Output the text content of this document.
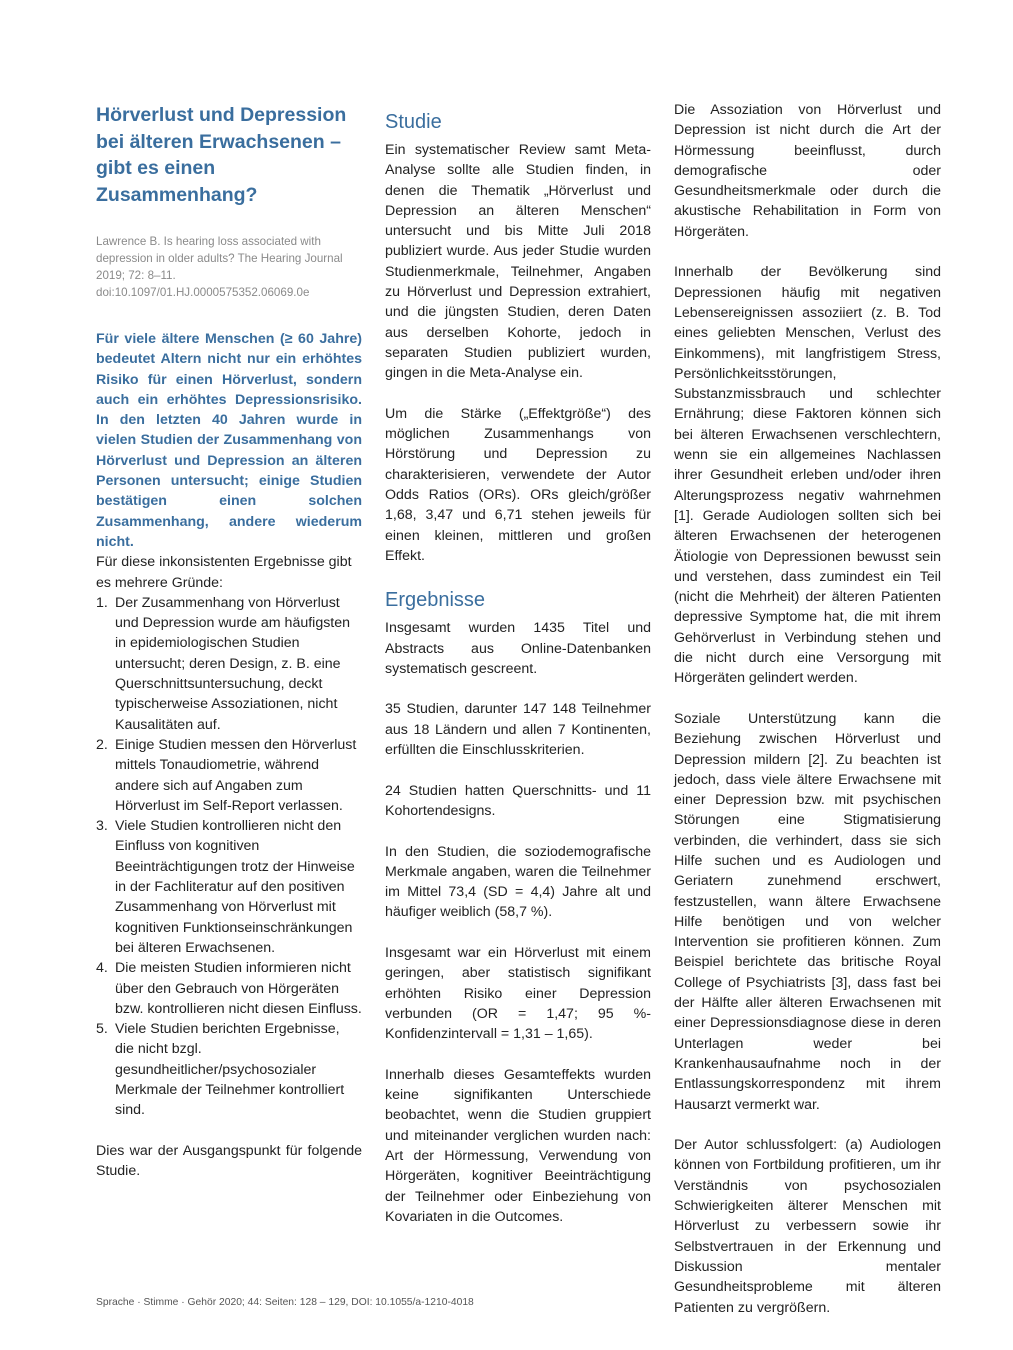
Hörverlust und Depression bei älteren Erwachsenen – gibt es einen Zusammenhang?
Lawrence B. Is hearing loss associated with depression in older adults? The Hearing Journal 2019; 72: 8–11. doi:10.1097/01.HJ.0000575352.06069.0e

Für viele ältere Menschen (≥ 60 Jahre) bedeutet Altern nicht nur ein erhöhtes Risiko für einen Hörverlust, sondern auch ein erhöhtes Depressionsrisiko. In den letzten 40 Jahren wurde in vielen Studien der Zusammenhang von Hörverlust und Depression an älteren Personen untersucht; einige Studien bestätigen einen solchen Zusammenhang, andere wiederum nicht.

Für diese inkonsistenten Ergebnisse gibt es mehrere Gründe:

1. Der Zusammenhang von Hörverlust und Depression wurde am häufigsten in epidemiologischen Studien untersucht; deren Design, z. B. eine Querschnittsuntersuchung, deckt typischerweise Assoziationen, nicht Kausalitäten auf.
2. Einige Studien messen den Hörverlust mittels Tonaudiometrie, während andere sich auf Angaben zum Hörverlust im Self-Report verlassen.
3. Viele Studien kontrollieren nicht den Einfluss von kognitiven Beeinträchtigungen trotz der Hinweise in der Fachliteratur auf den positiven Zusammenhang von Hörverlust mit kognitiven Funktionseinschränkungen bei älteren Erwachsenen.
4. Die meisten Studien informieren nicht über den Gebrauch von Hörgeräten bzw. kontrollieren nicht diesen Einfluss.
5. Viele Studien berichten Ergebnisse, die nicht bzgl. gesundheitlicher/psychosozialer Merkmale der Teilnehmer kontrolliert sind.

Dies war der Ausgangspunkt für folgende Studie.

Studie

Ein systematischer Review samt Meta-Analyse sollte alle Studien finden, in denen die Thematik „Hörverlust und Depression an älteren Menschen“ untersucht und bis Mitte Juli 2018 publiziert wurde. Aus jeder Studie wurden Studienmerkmale, Teilnehmer, Angaben zu Hörverlust und Depression extrahiert, und die jüngsten Studien, deren Daten aus derselben Kohorte, jedoch in separaten Studien publiziert wurden, gingen in die Meta-Analyse ein.

Um die Stärke („Effektgröße“) des möglichen Zusammenhangs von Hörstörung und Depression zu charakterisieren, verwendete der Autor Odds Ratios (ORs). ORs gleich/größer 1,68, 3,47 und 6,71 stehen jeweils für einen kleinen, mittleren und großen Effekt.

Ergebnisse

Insgesamt wurden 1435 Titel und Abstracts aus Online-Datenbanken systematisch gescreent.

35 Studien, darunter 147 148 Teilnehmer aus 18 Ländern und allen 7 Kontinenten, erfüllten die Einschlusskriterien.

24 Studien hatten Querschnitts- und 11 Kohortendesigns.

In den Studien, die soziodemografische Merkmale angaben, waren die Teilnehmer im Mittel 73,4 (SD = 4,4) Jahre alt und häufiger weiblich (58,7 %).

Insgesamt war ein Hörverlust mit einem geringen, aber statistisch signifikant erhöhten Risiko einer Depression verbunden (OR = 1,47; 95 %-Konfidenzintervall = 1,31 – 1,65).

Innerhalb dieses Gesamteffekts wurden keine signifikanten Unterschiede beobachtet, wenn die Studien gruppiert und miteinander verglichen wurden nach: Art der Hörmessung, Verwendung von Hörgeräten, kognitiver Beeinträchtigung der Teilnehmer oder Einbeziehung von Kovariaten in die Outcomes.

Die Assoziation von Hörverlust und Depression ist nicht durch die Art der Hörmessung beeinflusst, durch demografische oder Gesundheitsmerkmale oder durch die akustische Rehabilitation in Form von Hörgeräten.

Innerhalb der Bevölkerung sind Depressionen häufig mit negativen Lebensereignissen assoziiert (z. B. Tod eines geliebten Menschen, Verlust des Einkommens), mit langfristigem Stress, Persönlichkeitsstörungen, Substanzmissbrauch und schlechter Ernährung; diese Faktoren können sich bei älteren Erwachsenen verschlechtern, wenn sie ein allgemeines Nachlassen ihrer Gesundheit erleben und/oder ihren Alterungsprozess negativ wahrnehmen [1]. Gerade Audiologen sollten sich bei älteren Erwachsenen der heterogenen Ätiologie von Depressionen bewusst sein und verstehen, dass zumindest ein Teil (nicht die Mehrheit) der älteren Patienten depressive Symptome hat, die mit ihrem Gehörverlust in Verbindung stehen und die nicht durch eine Versorgung mit Hörgeräten gelindert werden.

Soziale Unterstützung kann die Beziehung zwischen Hörverlust und Depression mildern [2]. Zu beachten ist jedoch, dass viele ältere Erwachsene mit einer Depression bzw. mit psychischen Störungen eine Stigmatisierung verbinden, die verhindert, dass sie sich Hilfe suchen und es Audiologen und Geriatern zunehmend erschwert, festzustellen, wann ältere Erwachsene Hilfe benötigen und von welcher Intervention sie profitieren können. Zum Beispiel berichtete das britische Royal College of Psychiatrists [3], dass fast bei der Hälfte aller älteren Erwachsenen mit einer Depressionsdiagnose diese in deren Unterlagen weder bei Krankenhausaufnahme noch in der Entlassungskorrespondenz mit ihrem Hausarzt vermerkt war.

Der Autor schlussfolgert: (a) Audiologen können von Fortbildung profitieren, um ihr Verständnis von psychosozialen Schwierigkeiten älterer Menschen mit Hörverlust zu verbessern sowie ihr Selbstvertrauen in der Erkennung und Diskussion mentaler Gesundheitsprobleme mit älteren Patienten zu vergrößern.

Sprache · Stimme · Gehör 2020; 44: Seiten: 128 – 129, DOI: 10.1055/a-1210-4018
